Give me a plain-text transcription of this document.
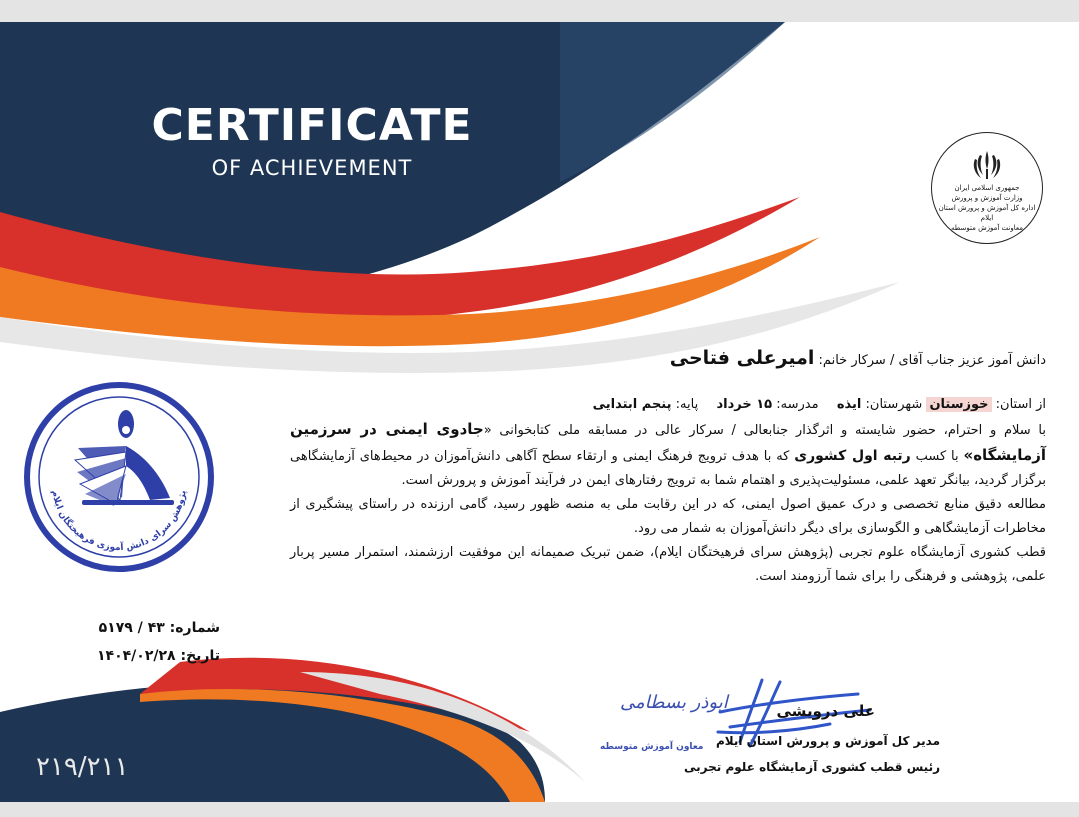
CERTIFICATE
OF ACHIEVEMENT
جمهوری اسلامی ایران
وزارت آموزش و پرورش
اداره کل آموزش و پرورش استان ایلام
معاونت آموزش متوسطه
پژوهش سرای دانش آموزی فرهیختگان ایلام

دانش آموز عزیز جناب آقای / سرکار خانم: امیرعلی فتاحی

از استان: خوزستان شهرستان: ایذه  مدرسه: ۱۵ خرداد  پایه: پنجم ابتدایی

با سلام و احترام، حضور شایسته و اثرگذار جنابعالی / سرکار عالی در مسابقه ملی کتابخوانی «جادوی ایمنی در سرزمین آزمایشگاه» با کسب رتبه اول کشوری که با هدف ترویج فرهنگ ایمنی و ارتقاء سطح آگاهی دانش‌آموزان در محیط‌های آزمایشگاهی برگزار گردید، بیانگر تعهد علمی، مسئولیت‌پذیری و اهتمام شما به ترویج رفتارهای ایمن در فرآیند آموزش و پرورش است.

مطالعه دقیق منابع تخصصی و درک عمیق اصول ایمنی، که در این رقابت ملی به منصه ظهور رسید، گامی ارزنده در راستای پیشگیری از مخاطرات آزمایشگاهی و الگوسازی برای دیگر دانش‌آموزان به شمار می رود.

قطب کشوری آزمایشگاه علوم تجربی (پژوهش سرای فرهیختگان ایلام)، ضمن تبریک صمیمانه این موفقیت ارزشمند، استمرار مسیر پربار علمی، پژوهشی و فرهنگی را برای شما آرزومند است.

شماره: ۴۳ / ۵۱۷۹
تاریخ: ۱۴۰۴/۰۲/۲۸
علی درویشی
مدیر کل آموزش و پرورش استان ایلام
رئیس قطب کشوری آزمایشگاه علوم تجربی
ابوذر بسطامی
معاون آموزش متوسطه
۲۱۹/۲۱۱
